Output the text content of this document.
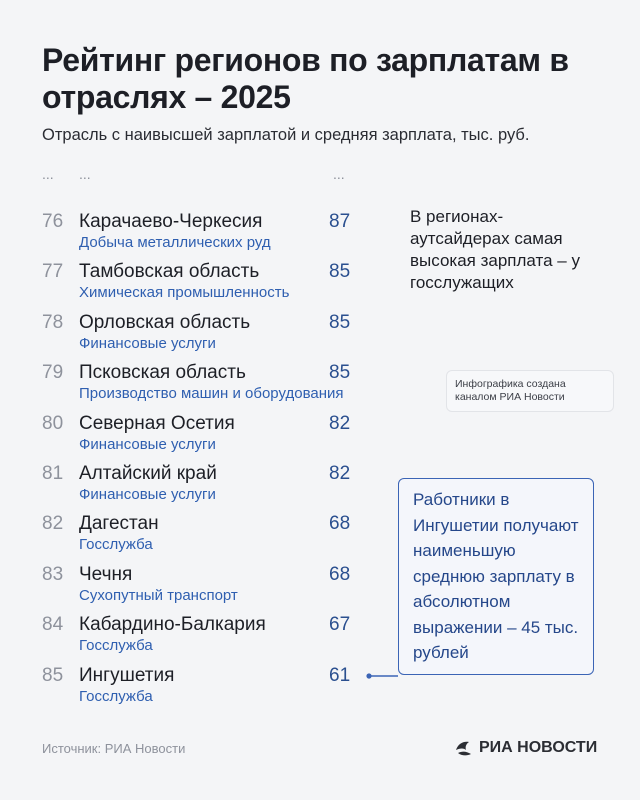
Рейтинг регионов по зарплатам в отраслях – 2025
Отрасль с наивысшей зарплатой и средняя зарплата, тыс. руб.
... ...	...
76 Карачаево-Черкесия
Добыча металлических руд
87
77 Тамбовская область
Химическая промышленность
85
78 Орловская область
Финансовые услуги
85
79 Псковская область
Производство машин и оборудования
85
80 Северная Осетия
Финансовые услуги
82
81 Алтайский край
Финансовые услуги
82
82 Дагестан
Госслужба
68
83 Чечня
Сухопутный транспорт
68
84 Кабардино-Балкария
Госслужба
67
85 Ингушетия
Госслужба
61
В регионах-аутсайдерах самая высокая зарплата – у госслужащих
Инфографика создана каналом РИА Новости
Работники в Ингушетии получают наименьшую среднюю зарплату в абсолютном выражении – 45 тыс. рублей
Источник: РИА Новости	РИА НОВОСТИ
